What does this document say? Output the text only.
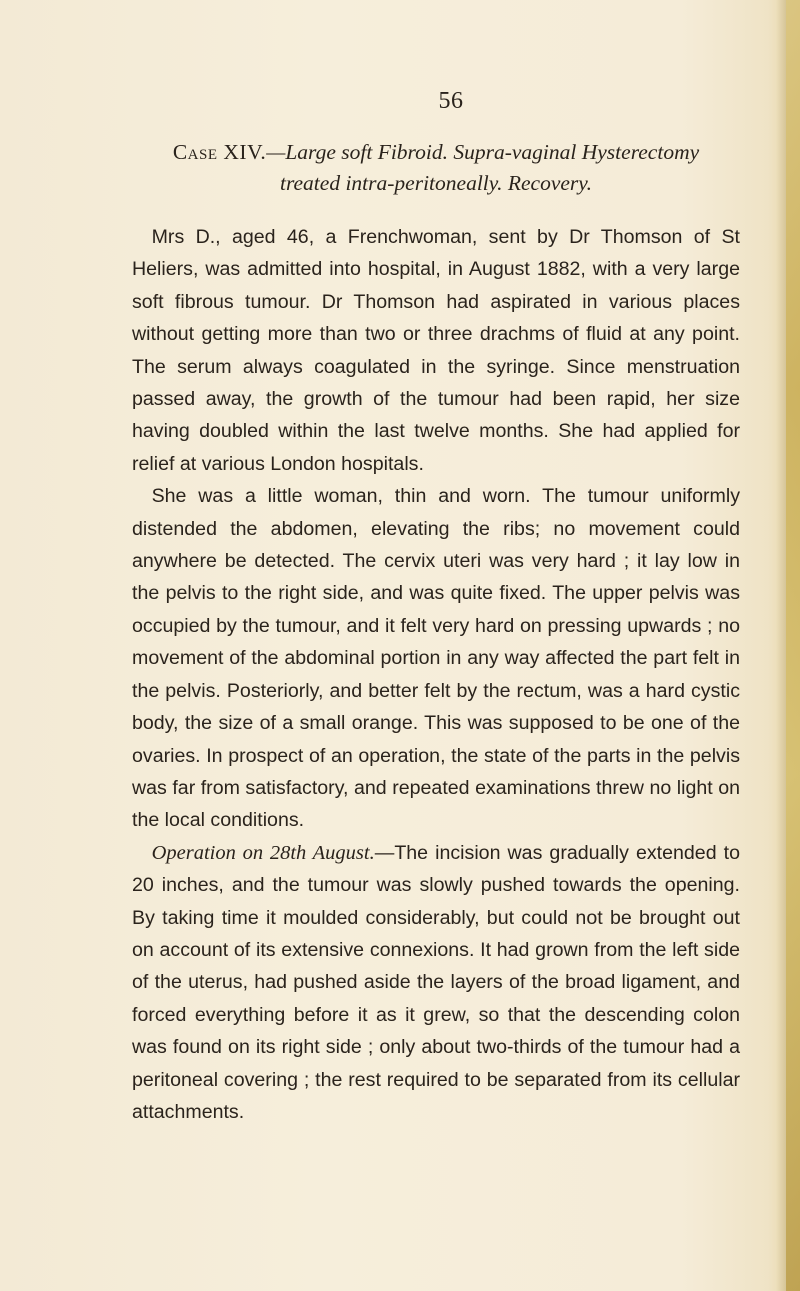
56
Case XIV.—Large soft Fibroid. Supra-vaginal Hysterectomy
treated intra-peritoneally. Recovery.

Mrs D., aged 46, a Frenchwoman, sent by Dr Thomson of St Heliers, was admitted into hospital, in August 1882, with a very large soft fibrous tumour. Dr Thomson had aspirated in various places without getting more than two or three drachms of fluid at any point. The serum always coagulated in the syringe. Since menstruation passed away, the growth of the tumour had been rapid, her size having doubled within the last twelve months. She had applied for relief at various London hospitals.

She was a little woman, thin and worn. The tumour uniformly distended the abdomen, elevating the ribs; no movement could anywhere be detected. The cervix uteri was very hard ; it lay low in the pelvis to the right side, and was quite fixed. The upper pelvis was occupied by the tumour, and it felt very hard on pressing upwards ; no movement of the abdominal portion in any way affected the part felt in the pelvis. Posteriorly, and better felt by the rectum, was a hard cystic body, the size of a small orange. This was supposed to be one of the ovaries. In prospect of an operation, the state of the parts in the pelvis was far from satisfactory, and repeated examinations threw no light on the local conditions.

Operation on 28th August.—The incision was gradually extended to 20 inches, and the tumour was slowly pushed towards the opening. By taking time it moulded considerably, but could not be brought out on account of its extensive connexions. It had grown from the left side of the uterus, had pushed aside the layers of the broad ligament, and forced everything before it as it grew, so that the descending colon was found on its right side ; only about two-thirds of the tumour had a peritoneal covering ; the rest required to be separated from its cellular attachments.
